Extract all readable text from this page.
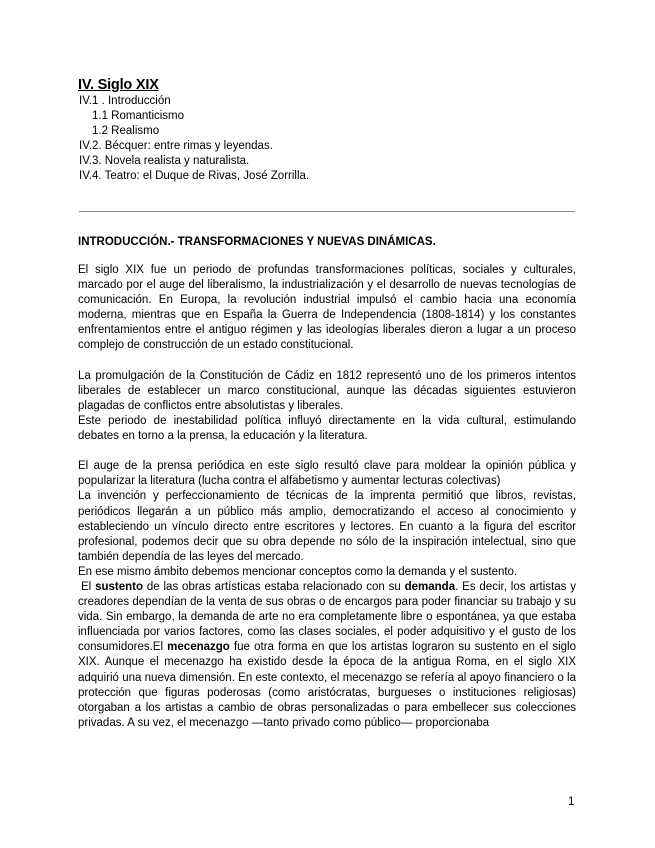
IV. Siglo XIX
IV.1 . Introducción
1.1 Romanticismo
1.2 Realismo
IV.2. Bécquer: entre rimas y leyendas.
IV.3. Novela realista y naturalista.
IV.4. Teatro: el Duque de Rivas, José Zorrilla.
INTRODUCCIÓN.- TRANSFORMACIONES Y NUEVAS DINÁMICAS.

El siglo XIX fue un periodo de profundas transformaciones políticas, sociales y culturales, marcado por el auge del liberalismo, la industrialización y el desarrollo de nuevas tecnologías de comunicación. En Europa, la revolución industrial impulsó el cambio hacia una economía moderna, mientras que en España la Guerra de Independencia (1808-1814) y los constantes enfrentamientos entre el antiguo régimen y las ideologías liberales dieron a lugar a un proceso complejo de construcción de un estado constitucional.

La promulgación de la Constitución de Cádiz en 1812 representó uno de los primeros intentos liberales de establecer un marco constitucional, aunque las décadas siguientes estuvieron plagadas de conflictos entre absolutistas y liberales.

Este periodo de inestabilidad política influyó directamente en la vida cultural, estimulando debates en torno a la prensa, la educación y la literatura.

El auge de la prensa periódica en este siglo resultó clave para moldear la opinión pública y popularizar la literatura (lucha contra el alfabetismo y aumentar lecturas colectivas)

La invención y perfeccionamiento de técnicas de la imprenta permitió que libros, revistas, periódicos llegarán a un público más amplio, democratizando el acceso al conocimiento y estableciendo un vínculo directo entre escritores y lectores. En cuanto a la figura del escritor profesional, podemos decir que su obra depende no sólo de la inspiración intelectual, sino que también dependía de las leyes del mercado.

En ese mismo ámbito debemos mencionar conceptos como la demanda y el sustento.

El sustento de las obras artísticas estaba relacionado con su demanda. Es decir, los artistas y creadores dependían de la venta de sus obras o de encargos para poder financiar su trabajo y su vida. Sin embargo, la demanda de arte no era completamente libre o espontánea, ya que estaba influenciada por varios factores, como las clases sociales, el poder adquisitivo y el gusto de los consumidores.El mecenazgo fue otra forma en que los artistas lograron su sustento en el siglo XIX. Aunque el mecenazgo ha existido desde la época de la antigua Roma, en el siglo XIX adquirió una nueva dimensión. En este contexto, el mecenazgo se refería al apoyo financiero o la protección que figuras poderosas (como aristócratas, burgueses o instituciones religiosas) otorgaban a los artistas a cambio de obras personalizadas o para embellecer sus colecciones privadas. A su vez, el mecenazgo —tanto privado como público— proporcionaba

1
